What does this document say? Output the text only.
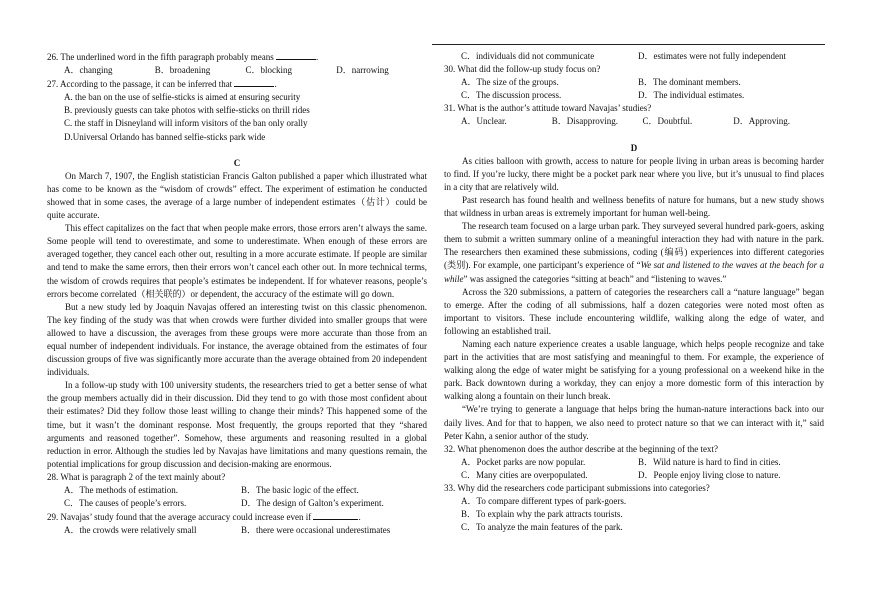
26. The underlined word in the fifth paragraph probably means	.

A．changing	B．broadening	C．blocking	D．narrowing

27. According to the passage, it can be inferred that	.

A. the ban on the use of selfie-sticks is aimed at ensuring security

B. previously guests can take photos with selfie-sticks on thrill rides

C. the staff in Disneyland will inform visitors of the ban only orally

D.Universal Orlando has banned selfie-sticks park wide

C

On March 7, 1907, the English statistician Francis Galton published a paper which illustrated what has come to be known as the “wisdom of crowds” effect. The experiment of estimation he conducted showed that in some cases, the average of a large number of independent estimates（估计）could be quite accurate.

This effect capitalizes on the fact that when people make errors, those errors aren’t always the same. Some people will tend to overestimate, and some to underestimate. When enough of these errors are averaged together, they cancel each other out, resulting in a more accurate estimate. If people are similar and tend to make the same errors, then their errors won’t cancel each other out. In more technical terms, the wisdom of crowds requires that people’s estimates be independent. If for whatever reasons, people’s errors become correlated（相关联的）or dependent, the accuracy of the estimate will go down.

But a new study led by Joaquin Navajas offered an interesting twist on this classic phenomenon. The key finding of the study was that when crowds were further divided into smaller groups that were allowed to have a discussion, the averages from these groups were more accurate than those from an equal number of independent individuals. For instance, the average obtained from the estimates of four discussion groups of five was significantly more accurate than the average obtained from 20 independent individuals.

In a follow-up study with 100 university students, the researchers tried to get a better sense of what the group members actually did in their discussion. Did they tend to go with those most confident about their estimates? Did they follow those least willing to change their minds? This happened some of the time, but it wasn’t the dominant response. Most frequently, the groups reported that they “shared arguments and reasoned together”. Somehow, these arguments and reasoning resulted in a global reduction in error. Although the studies led by Navajas have limitations and many questions remain, the potential implications for group discussion and decision-making are enormous.

28. What is paragraph 2 of the text mainly about?

A．The methods of estimation.	B．The basic logic of the effect.
C．The causes of people’s errors.	D．The design of Galton’s experiment.

29. Navajas’ study found that the average accuracy could increase even if	.

A．the crowds were relatively small	B．there were occasional underestimates
C．individuals did not communicate	D．estimates were not fully independent

30. What did the follow-up study focus on?

A．The size of the groups.	B．The dominant members.
C．The discussion process.	D．The individual estimates.

31. What is the author’s attitude toward Navajas’ studies?

A．Unclear.	B．Disapproving.	C．Doubtful.	D．Approving.

D

As cities balloon with growth, access to nature for people living in urban areas is becoming harder to find. If you’re lucky, there might be a pocket park near where you live, but it’s unusual to find places in a city that are relatively wild.

Past research has found health and wellness benefits of nature for humans, but a new study shows that wildness in urban areas is extremely important for human well-being.

The research team focused on a large urban park. They surveyed several hundred park-goers, asking them to submit a written summary online of a meaningful interaction they had with nature in the park. The researchers then examined these submissions, coding (编码) experiences into different categories (类别). For example, one participant’s experience of “We sat and listened to the waves at the beach for a while” was assigned the categories “sitting at beach” and “listening to waves.”

Across the 320 submissions, a pattern of categories the researchers call a “nature language” began to emerge. After the coding of all submissions, half a dozen categories were noted most often as important to visitors. These include encountering wildlife, walking along the edge of water, and following an established trail.

Naming each nature experience creates a usable language, which helps people recognize and take part in the activities that are most satisfying and meaningful to them. For example, the experience of walking along the edge of water might be satisfying for a young professional on a weekend hike in the park. Back downtown during a workday, they can enjoy a more domestic form of this interaction by walking along a fountain on their lunch break.

“We’re trying to generate a language that helps bring the human-nature interactions back into our daily lives. And for that to happen, we also need to protect nature so that we can interact with it,” said Peter Kahn, a senior author of the study.

32. What phenomenon does the author describe at the beginning of the text?

A．Pocket parks are now popular.	B．Wild nature is hard to find in cities.
C．Many cities are overpopulated.	D．People enjoy living close to nature.

33. Why did the researchers code participant submissions into categories?

A．To compare different types of park-goers.

B．To explain why the park attracts tourists.

C．To analyze the main features of the park.
